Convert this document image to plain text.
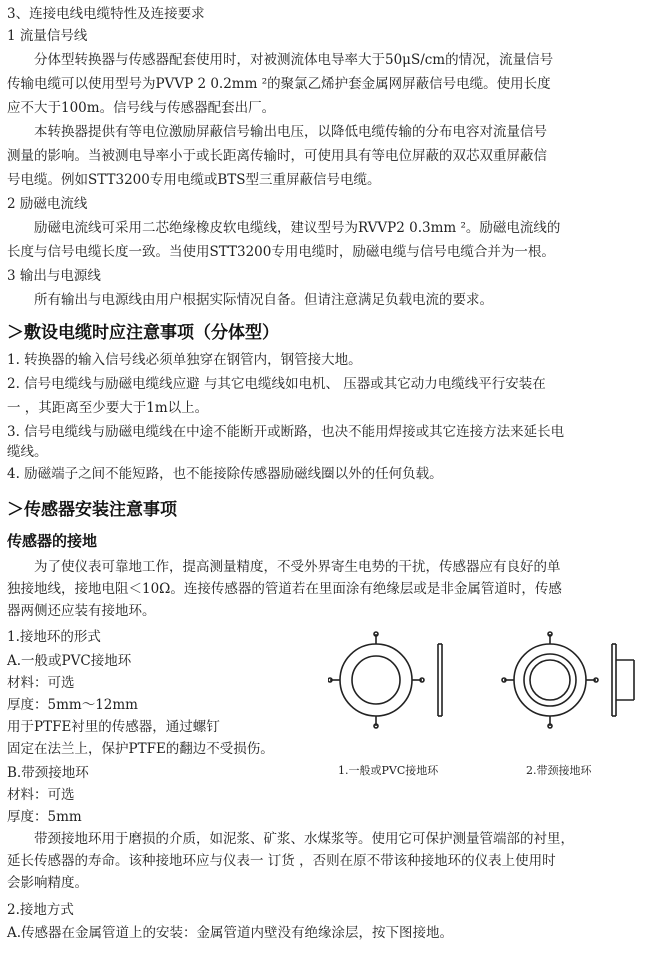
3、连接电线电缆特性及连接要求
1 流量信号线
分体型转换器与传感器配套使用时，对被测流体电导率大于50μS/cm的情况，流量信号
传输电缆可以使用型号为PVVP 2 0.2mm ²的聚氯乙烯护套金属网屏蔽信号电缆。使用长度
应不大于100m。信号线与传感器配套出厂。
本转换器提供有等电位激励屏蔽信号输出电压，以降低电缆传输的分布电容对流量信号
测量的影响。当被测电导率小于或长距离传输时，可使用具有等电位屏蔽的双芯双重屏蔽信
号电缆。例如STT3200专用电缆或BTS型三重屏蔽信号电缆。
2 励磁电流线
励磁电流线可采用二芯绝缘橡皮软电缆线，建议型号为RVVP2 0.3mm ²。励磁电流线的
长度与信号电缆长度一致。当使用STT3200专用电缆时，励磁电缆与信号电缆合并为一根。
3 输出与电源线
所有输出与电源线由用户根据实际情况自备。但请注意满足负载电流的要求。
＞敷设电缆时应注意事项（分体型）
1. 转换器的输入信号线必须单独穿在钢管内，钢管接大地。
2. 信号电缆线与励磁电缆线应避 与其它电缆线如电机、 压器或其它动力电缆线平行安装在
一 ，其距离至少要大于1m以上。
3. 信号电缆线与励磁电缆线在中途不能断开或断路，也决不能用焊接或其它连接方法来延长电
缆线。
4. 励磁端子之间不能短路，也不能接除传感器励磁线圈以外的任何负载。
＞传感器安装注意事项
传感器的接地
为了使仪表可靠地工作，提高测量精度，不受外界寄生电势的干扰，传感器应有良好的单
独接地线，接地电阻＜10Ω。连接传感器的管道若在里面涂有绝缘层或是非金属管道时，传感
器两侧还应装有接地环。
1.接地环的形式
A.一般或PVC接地环
材料：可选
厚度：5mm～12mm
用于PTFE衬里的传感器，通过螺钉
固定在法兰上，保护PTFE的翻边不受损伤。
B.带颈接地环
材料：可选
厚度：5mm
带颈接地环用于磨损的介质，如泥浆、矿浆、水煤浆等。使用它可保护测量管端部的衬里，
延长传感器的寿命。该种接地环应与仪表一 订货 ，否则在原不带该种接地环的仪表上使用时
会影响精度。
2.接地方式
A.传感器在金属管道上的安装：金属管道内壁没有绝缘涂层，按下图接地。
1.一般或PVC接地环	2.带颈接地环
